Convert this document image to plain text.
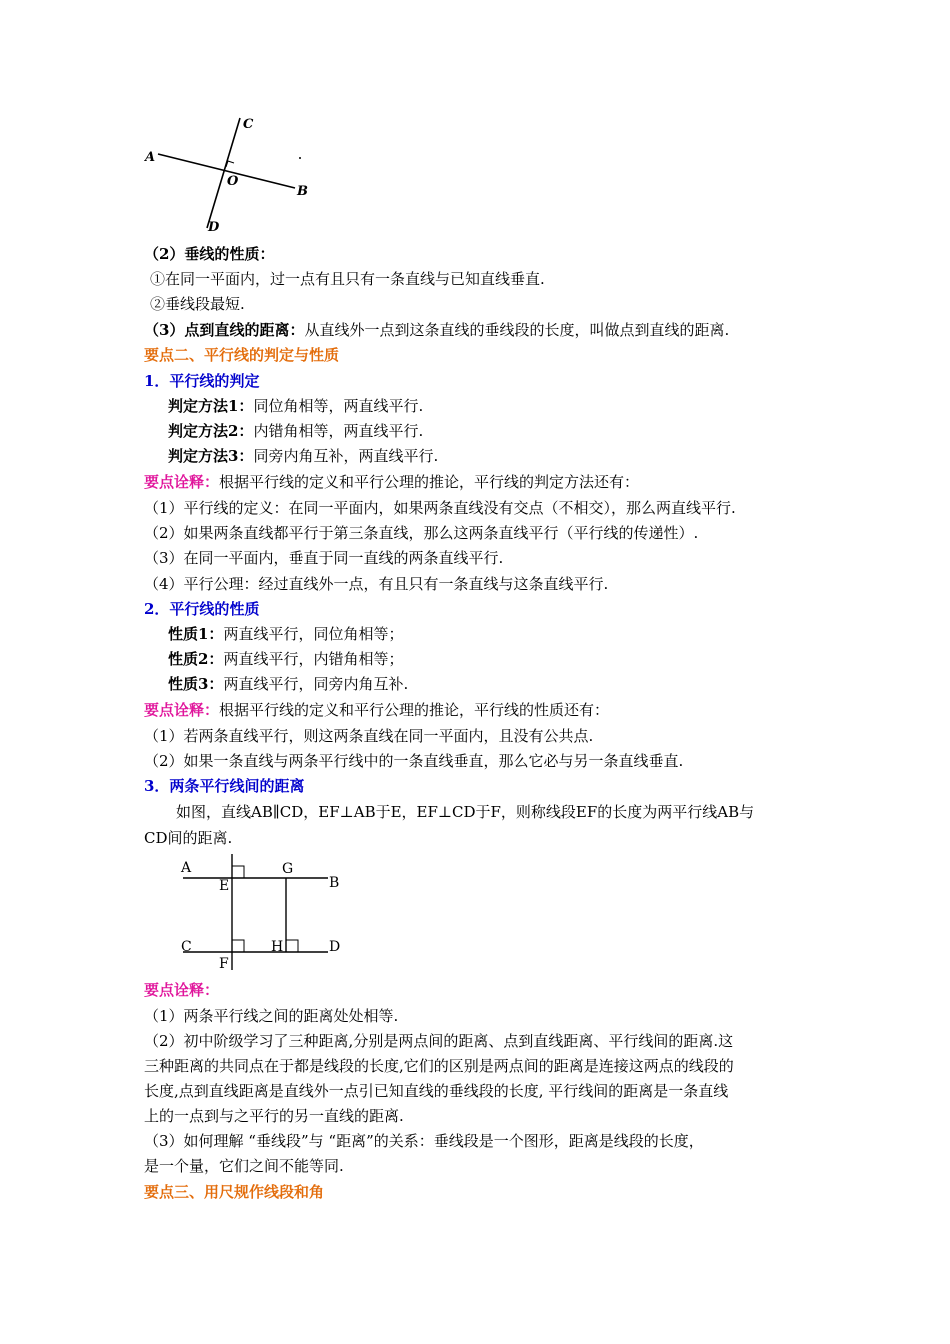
C
A
O
B
D
（2）垂线的性质：
①在同一平面内，过一点有且只有一条直线与已知直线垂直.
②垂线段最短.
（3）点到直线的距离：从直线外一点到这条直线的垂线段的长度，叫做点到直线的距离.
要点二、平行线的判定与性质
1．平行线的判定
判定方法1：同位角相等，两直线平行.
判定方法2：内错角相等，两直线平行.
判定方法3：同旁内角互补，两直线平行.
要点诠释：根据平行线的定义和平行公理的推论，平行线的判定方法还有：
（1）平行线的定义：在同一平面内，如果两条直线没有交点（不相交），那么两直线平行.
（2）如果两条直线都平行于第三条直线，那么这两条直线平行（平行线的传递性）.
（3）在同一平面内，垂直于同一直线的两条直线平行.
（4）平行公理：经过直线外一点，有且只有一条直线与这条直线平行.
2．平行线的性质
性质1：两直线平行，同位角相等；
性质2：两直线平行，内错角相等；
性质3：两直线平行，同旁内角互补.
要点诠释：根据平行线的定义和平行公理的推论，平行线的性质还有：
（1）若两条直线平行，则这两条直线在同一平面内，且没有公共点.
（2）如果一条直线与两条平行线中的一条直线垂直，那么它必与另一条直线垂直.
3．两条平行线间的距离
如图，直线AB∥CD，EF⊥AB于E，EF⊥CD于F，则称线段EF的长度为两平行线AB与
CD间的距离.
A
E
G
B
C	H	D
F
要点诠释：
（1）两条平行线之间的距离处处相等.
（2）初中阶级学习了三种距离,分别是两点间的距离、点到直线距离、平行线间的距离.这
三种距离的共同点在于都是线段的长度,它们的区别是两点间的距离是连接这两点的线段的
长度,点到直线距离是直线外一点引已知直线的垂线段的长度, 平行线间的距离是一条直线
上的一点到与之平行的另一直线的距离.
（3）如何理解 “垂线段”与 “距离”的关系：垂线段是一个图形，距离是线段的长度，
是一个量，它们之间不能等同.
要点三、用尺规作线段和角
